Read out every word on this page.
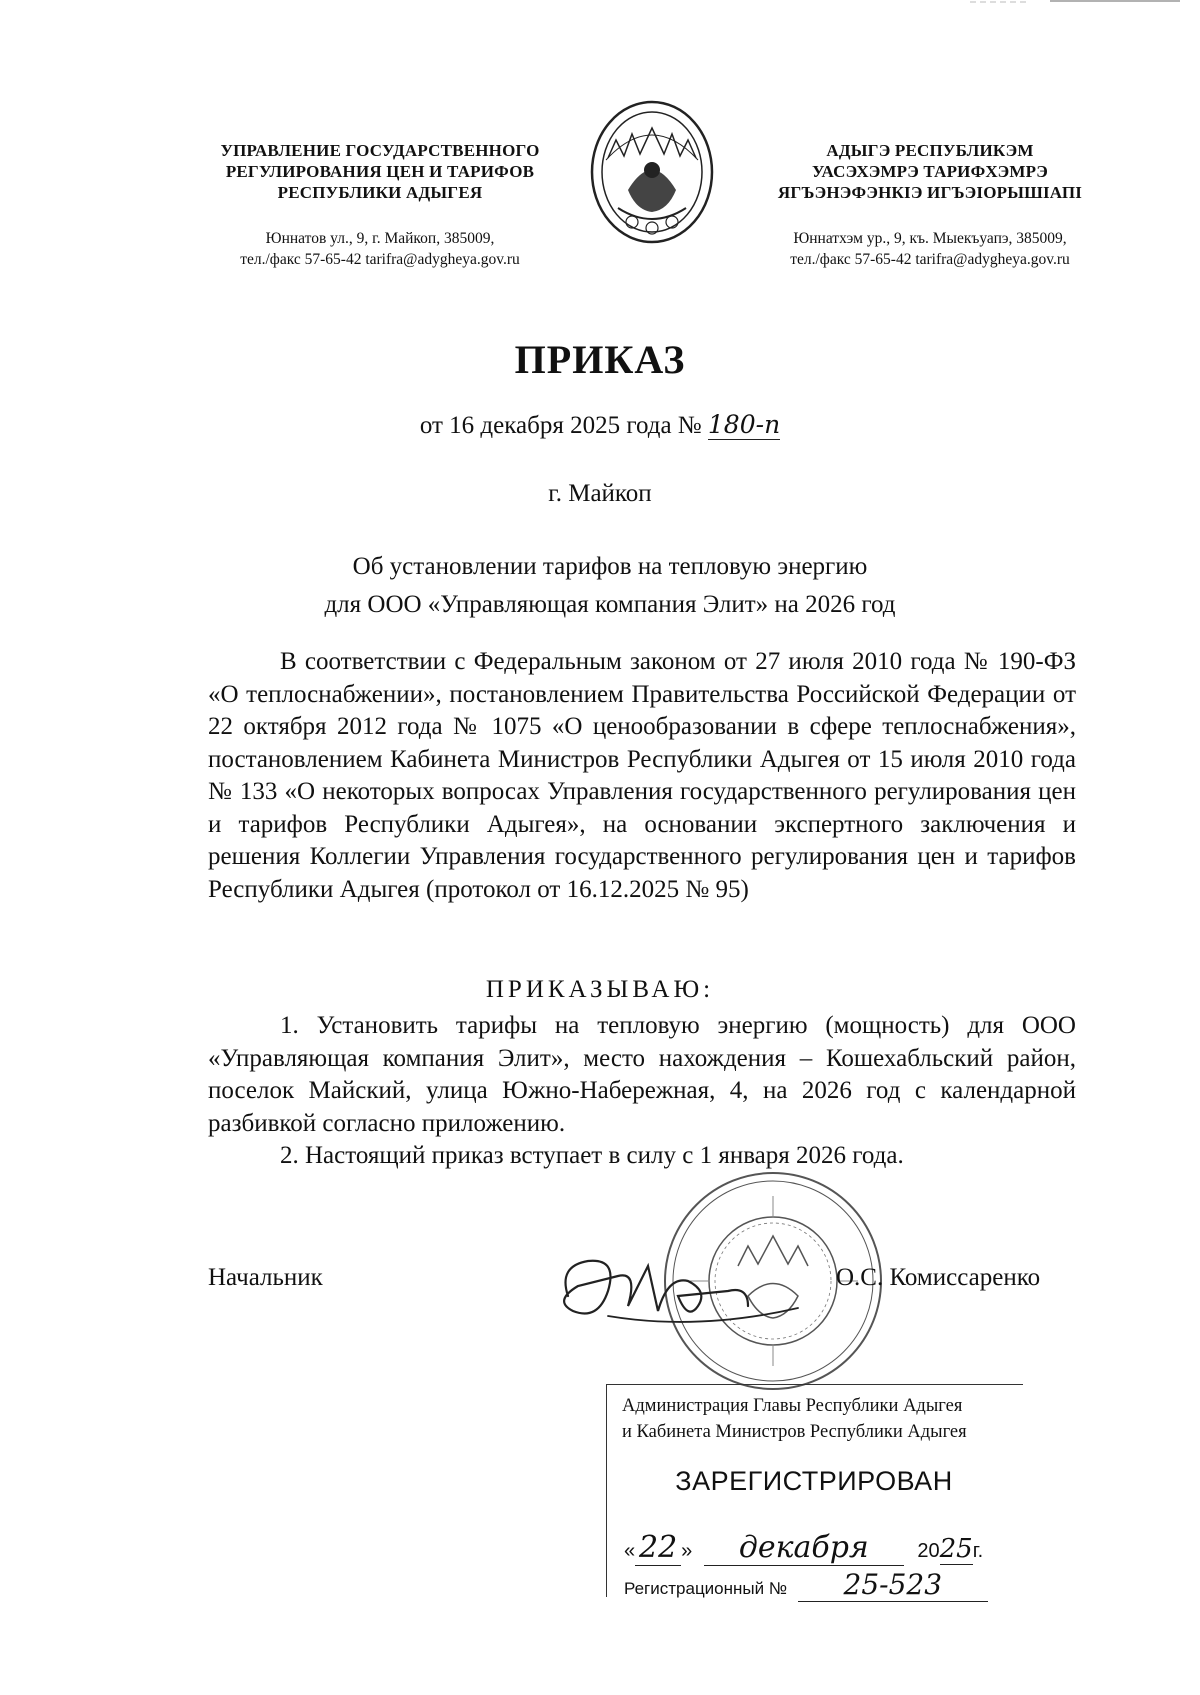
УПРАВЛЕНИЕ ГОСУДАРСТВЕННОГО
РЕГУЛИРОВАНИЯ ЦЕН И ТАРИФОВ
РЕСПУБЛИКИ АДЫГЕЯ
Юннатов ул., 9, г. Майкоп, 385009,
тел./факс 57-65-42 tarifra@adygheya.gov.ru
АДЫГЭ РЕСПУБЛИКЭМ
УАСЭХЭМРЭ ТАРИФХЭМРЭ
ЯГЪЭНЭФЭНКІЭ ИГЪЭІОРЫШІАПІ
Юннатхэм ур., 9, къ. Мыекъуапэ, 385009,
тел./факс 57-65-42 tarifra@adygheya.gov.ru
ПРИКАЗ
от 16 декабря 2025 года № 180-п
г. Майкоп
Об установлении тарифов на тепловую энергию
для ООО «Управляющая компания Элит» на 2026 год

В соответствии с Федеральным законом от 27 июля 2010 года № 190-ФЗ «О теплоснабжении», постановлением Правительства Российской Федерации от 22 октября 2012 года № 1075 «О ценообразовании в сфере теплоснабжения», постановлением Кабинета Министров Республики Адыгея от 15 июля 2010 года № 133 «О некоторых вопросах Управления государственного регулирования цен и тарифов Республики Адыгея», на основании экспертного заключения и решения Коллегии Управления государственного регулирования цен и тарифов Республики Адыгея (протокол от 16.12.2025 № 95)

ПРИКАЗЫВАЮ:

1. Установить тарифы на тепловую энергию (мощность) для ООО «Управляющая компания Элит», место нахождения – Кошехабльский район, поселок Майский, улица Южно-Набережная, 4, на 2026 год с календарной разбивкой согласно приложению.

2. Настоящий приказ вступает в силу с 1 января 2026 года.

Начальник	О.С. Комиссаренко
Администрация Главы Республики Адыгея
и Кабинета Министров Республики Адыгея
ЗАРЕГИСТРИРОВАН
« 22 » декабря 2025г.
Регистрационный № 25-523
